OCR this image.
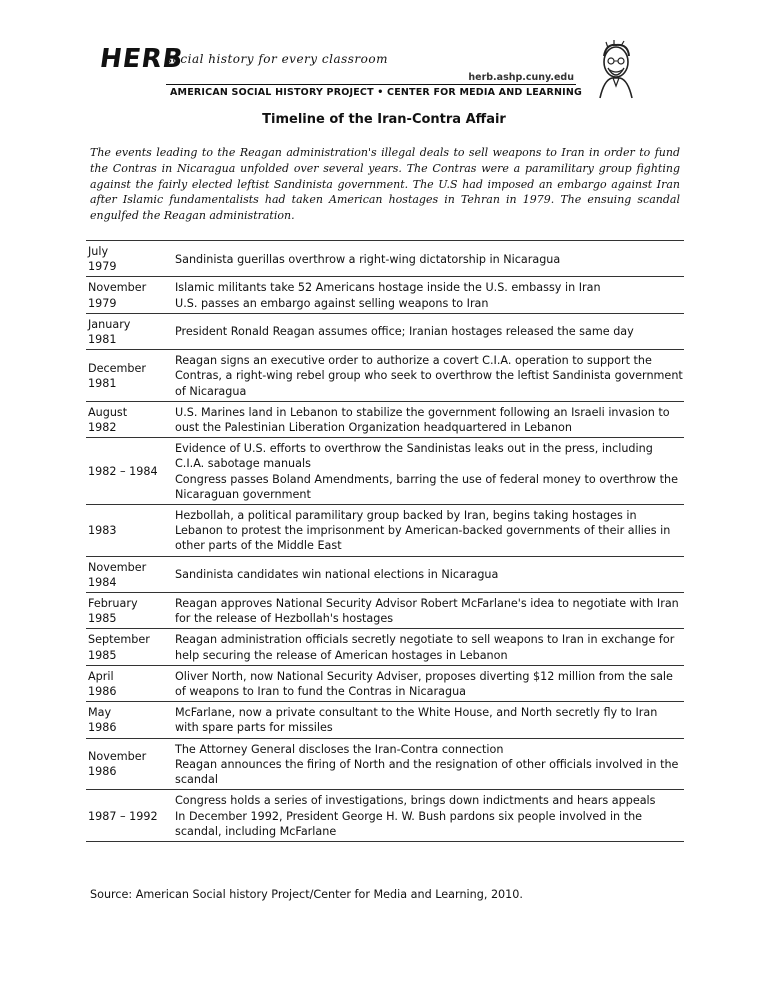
HERB
social history for every classroom
herb.ashp.cuny.edu
AMERICAN SOCIAL HISTORY PROJECT • CENTER FOR MEDIA AND LEARNING
Timeline of the Iran-Contra Affair
The events leading to the Reagan administration's illegal deals to sell weapons to Iran in order to fund the Contras in Nicaragua unfolded over several years. The Contras were a paramilitary group fighting against the fairly elected leftist Sandinista government. The U.S had imposed an embargo against Iran after Islamic fundamentalists had taken American hostages in Tehran in 1979. The ensuing scandal engulfed the Reagan administration.
July
1979	Sandinista guerillas overthrow a right-wing dictatorship in Nicaragua

November
1979	Islamic militants take 52 Americans hostage inside the U.S. embassy in Iran
U.S. passes an embargo against selling weapons to Iran

January
1981	President Ronald Reagan assumes office; Iranian hostages released the same day

December
1981	Reagan signs an executive order to authorize a covert C.I.A. operation to support the Contras, a right-wing rebel group who seek to overthrow the leftist Sandinista government of Nicaragua

August
1982	U.S. Marines land in Lebanon to stabilize the government following an Israeli invasion to oust the Palestinian Liberation Organization headquartered in Lebanon

1982 – 1984	Evidence of U.S. efforts to overthrow the Sandinistas leaks out in the press, including C.I.A. sabotage manuals
Congress passes Boland Amendments, barring the use of federal money to overthrow the Nicaraguan government

1983	Hezbollah, a political paramilitary group backed by Iran, begins taking hostages in Lebanon to protest the imprisonment by American-backed governments of their allies in other parts of the Middle East

November
1984	Sandinista candidates win national elections in Nicaragua

February
1985	Reagan approves National Security Advisor Robert McFarlane's idea to negotiate with Iran for the release of Hezbollah's hostages

September
1985	Reagan administration officials secretly negotiate to sell weapons to Iran in exchange for help securing the release of American hostages in Lebanon

April
1986	Oliver North, now National Security Adviser, proposes diverting $12 million from the sale of weapons to Iran to fund the Contras in Nicaragua

May
1986	McFarlane, now a private consultant to the White House, and North secretly fly to Iran with spare parts for missiles

November
1986	The Attorney General discloses the Iran-Contra connection
Reagan announces the firing of North and the resignation of other officials involved in the scandal

1987 – 1992	Congress holds a series of investigations, brings down indictments and hears appeals
In December 1992, President George H. W. Bush pardons six people involved in the scandal, including McFarlane
Source: American Social history Project/Center for Media and Learning, 2010.
